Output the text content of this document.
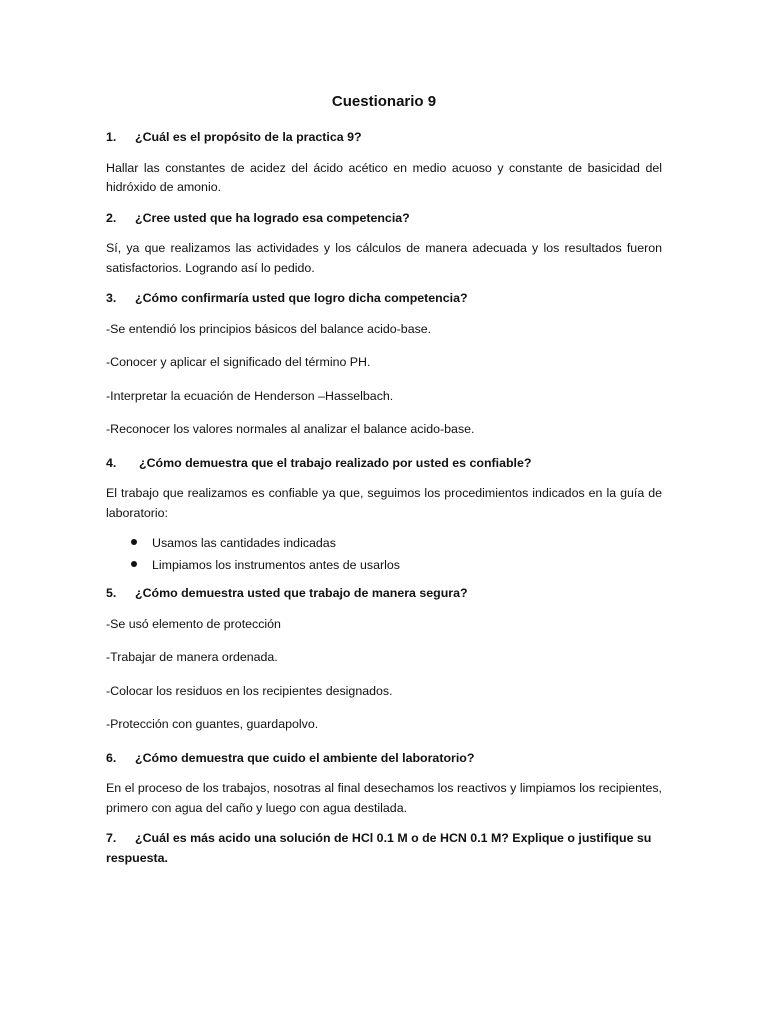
Cuestionario 9
1.	¿Cuál es el propósito de la practica 9?

Hallar las constantes de acidez del ácido acético en medio acuoso y constante de basicidad del hidróxido de amonio.

2.	¿Cree usted que ha logrado esa competencia?

Sí, ya que realizamos las actividades y los cálculos de manera adecuada y los resultados fueron satisfactorios. Logrando así lo pedido.

3.	¿Cómo confirmaría usted que logro dicha competencia?

-Se entendió los principios básicos del balance acido-base.

-Conocer y aplicar el significado del término PH.

-Interpretar la ecuación de Henderson –Hasselbach.

-Reconocer los valores normales al analizar el balance acido-base.

4.	¿Cómo demuestra que el trabajo realizado por usted es confiable?

El trabajo que realizamos es confiable ya que, seguimos los procedimientos indicados en la guía de laboratorio:

Usamos las cantidades indicadas
Limpiamos los instrumentos antes de usarlos
5.	¿Cómo demuestra usted que trabajo de manera segura?

-Se usó elemento de protección

-Trabajar de manera ordenada.

-Colocar los residuos en los recipientes designados.

-Protección con guantes, guardapolvo.

6.	¿Cómo demuestra que cuido el ambiente del laboratorio?

En el proceso de los trabajos, nosotras al final desechamos los reactivos y limpiamos los recipientes, primero con agua del caño y luego con agua destilada.

7. ¿Cuál es más acido una solución de HCl 0.1 M o de HCN 0.1 M? Explique o justifique su respuesta.
